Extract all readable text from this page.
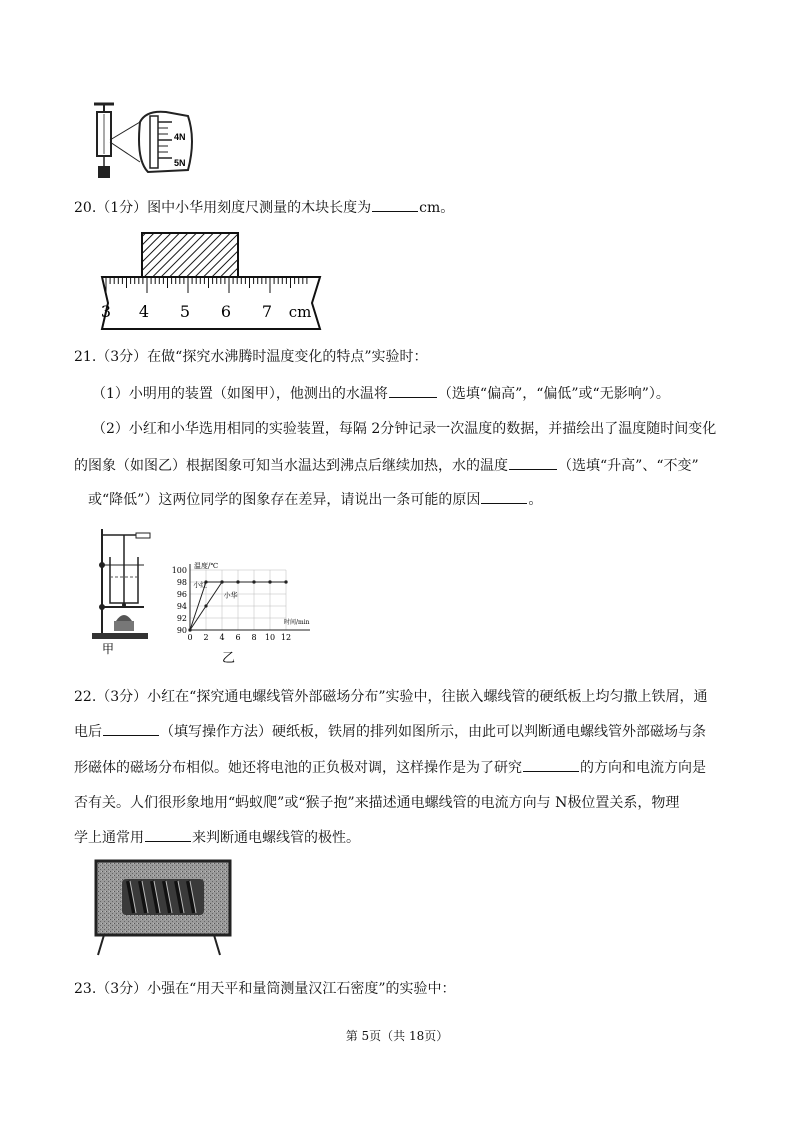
4N
5N
20.（1分）图中小华用刻度尺测量的木块长度为	cm。
3 4 5 6 7 cm
21.（3分）在做“探究水沸腾时温度变化的特点”实验时：
（1）小明用的装置（如图甲），他测出的水温将	（选填“偏高”，“偏低”或“无影响”）。
（2）小红和小华选用相同的实验装置，每隔 2分钟记录一次温度的数据，并描绘出了温度随时间变化
的图象（如图乙）根据图象可知当水温达到沸点后继续加热，水的温度	（选填“升高”、“不变”
或“降低”）这两位同学的图象存在差异，请说出一条可能的原因	。
甲
温度/℃
时间/min
90
92
94
96
98
100
0 2 4 6 8 10 12
小红
小华
乙
22.（3分）小红在“探究通电螺线管外部磁场分布”实验中，往嵌入螺线管的硬纸板上均匀撒上铁屑，通
电后	（填写操作方法）硬纸板，铁屑的排列如图所示，由此可以判断通电螺线管外部磁场与条
形磁体的磁场分布相似。她还将电池的正负极对调，这样操作是为了研究	的方向和电流方向是
否有关。人们很形象地用“蚂蚁爬”或“猴子抱”来描述通电螺线管的电流方向与 N极位置关系，物理
学上通常用	来判断通电螺线管的极性。
23.（3分）小强在“用天平和量筒测量汉江石密度”的实验中：
第 5页（共 18页）
